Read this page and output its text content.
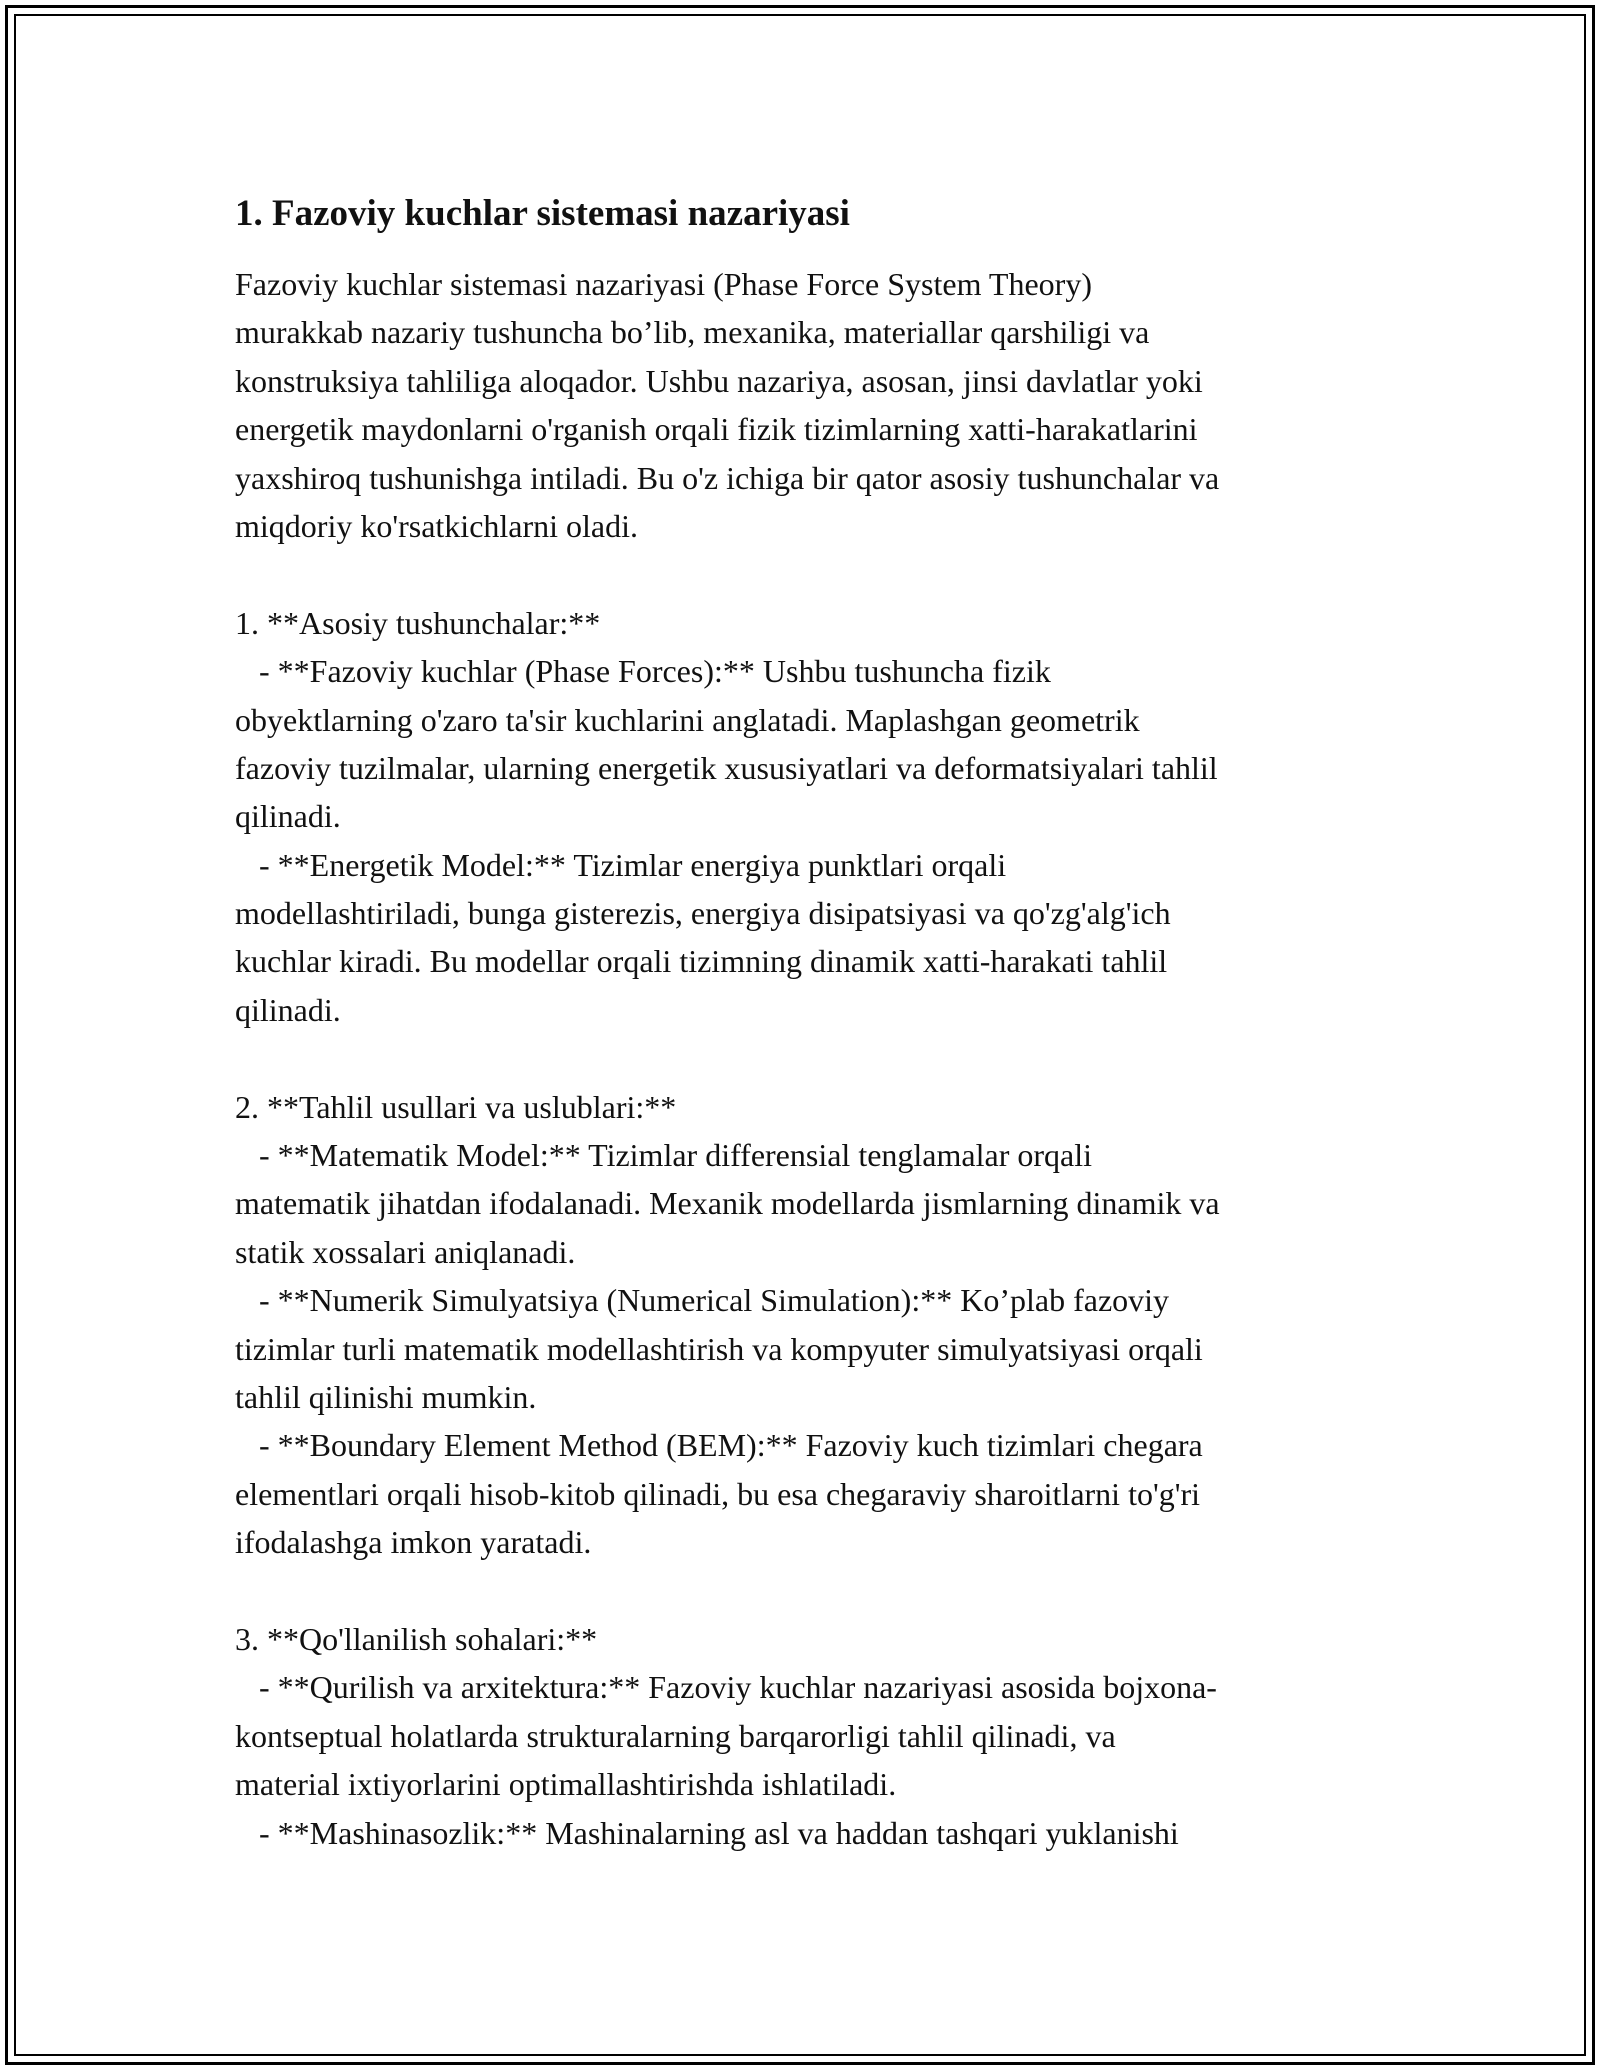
1. Fazoviy kuchlar sistemasi nazariyasi
Fazoviy kuchlar sistemasi nazariyasi (Phase Force System Theory)
murakkab nazariy tushuncha bo’lib, mexanika, materiallar qarshiligi va
konstruksiya tahliliga aloqador. Ushbu nazariya, asosan, jinsi davlatlar yoki
energetik maydonlarni o'rganish orqali fizik tizimlarning xatti-harakatlarini
yaxshiroq tushunishga intiladi. Bu o'z ichiga bir qator asosiy tushunchalar va
miqdoriy ko'rsatkichlarni oladi.
1. **Asosiy tushunchalar:**
- **Fazoviy kuchlar (Phase Forces):** Ushbu tushuncha fizik
obyektlarning o'zaro ta'sir kuchlarini anglatadi. Maplashgan geometrik
fazoviy tuzilmalar, ularning energetik xususiyatlari va deformatsiyalari tahlil
qilinadi.
- **Energetik Model:** Tizimlar energiya punktlari orqali
modellashtiriladi, bunga gisterezis, energiya disipatsiyasi va qo'zg'alg'ich
kuchlar kiradi. Bu modellar orqali tizimning dinamik xatti-harakati tahlil
qilinadi.
2. **Tahlil usullari va uslublari:**
- **Matematik Model:** Tizimlar differensial tenglamalar orqali
matematik jihatdan ifodalanadi. Mexanik modellarda jismlarning dinamik va
statik xossalari aniqlanadi.
- **Numerik Simulyatsiya (Numerical Simulation):** Ko’plab fazoviy
tizimlar turli matematik modellashtirish va kompyuter simulyatsiyasi orqali
tahlil qilinishi mumkin.
- **Boundary Element Method (BEM):** Fazoviy kuch tizimlari chegara
elementlari orqali hisob-kitob qilinadi, bu esa chegaraviy sharoitlarni to'g'ri
ifodalashga imkon yaratadi.
3. **Qo'llanilish sohalari:**
- **Qurilish va arxitektura:** Fazoviy kuchlar nazariyasi asosida bojxona-
kontseptual holatlarda strukturalarning barqarorligi tahlil qilinadi, va
material ixtiyorlarini optimallashtirishda ishlatiladi.
- **Mashinasozlik:** Mashinalarning asl va haddan tashqari yuklanishi
